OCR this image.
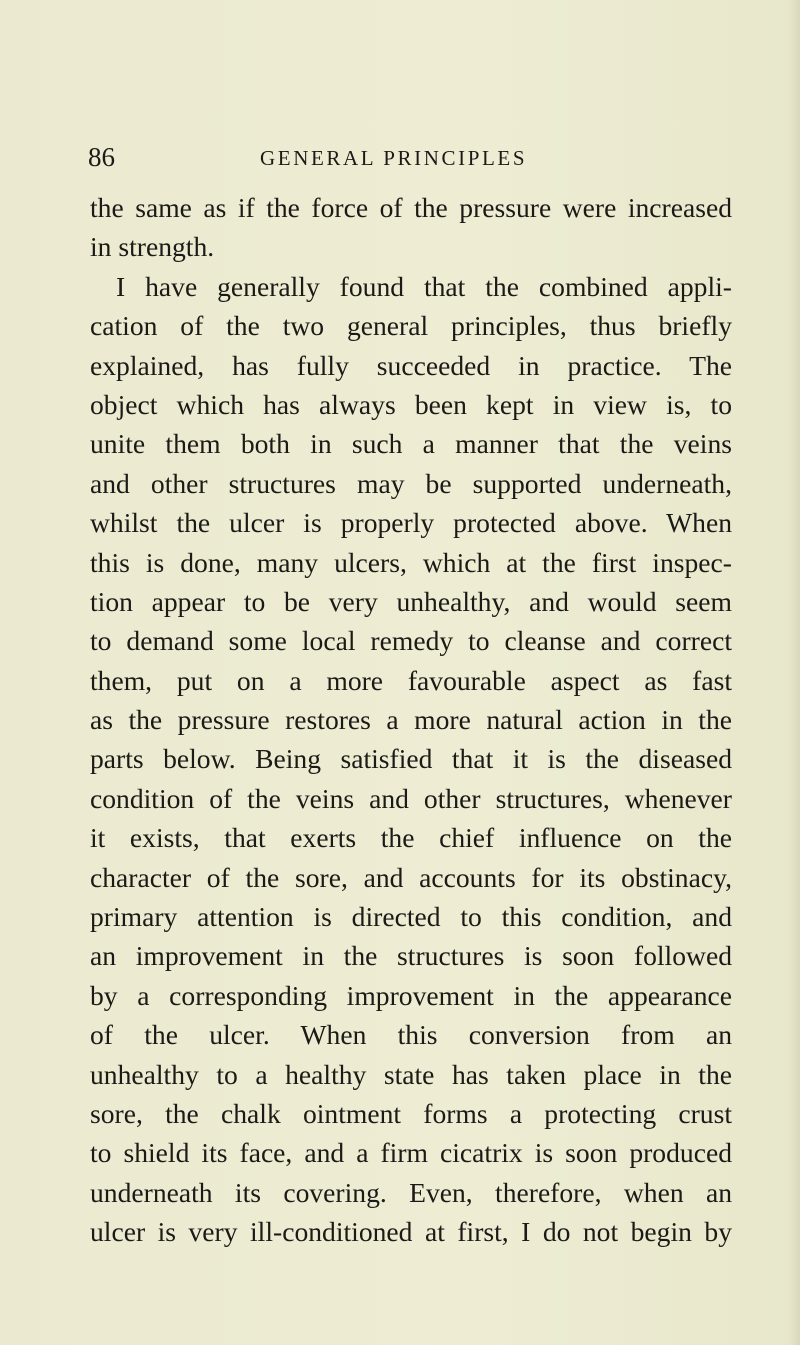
86	GENERAL PRINCIPLES
the same as if the force of the pressure were increased
in strength.
I have generally found that the combined appli-
cation of the two general principles, thus briefly
explained, has fully succeeded in practice. The
object which has always been kept in view is, to
unite them both in such a manner that the veins
and other structures may be supported underneath,
whilst the ulcer is properly protected above. When
this is done, many ulcers, which at the first inspec-
tion appear to be very unhealthy, and would seem
to demand some local remedy to cleanse and correct
them, put on a more favourable aspect as fast
as the pressure restores a more natural action in the
parts below. Being satisfied that it is the diseased
condition of the veins and other structures, whenever
it exists, that exerts the chief influence on the
character of the sore, and accounts for its obstinacy,
primary attention is directed to this condition, and
an improvement in the structures is soon followed
by a corresponding improvement in the appearance
of the ulcer. When this conversion from an
unhealthy to a healthy state has taken place in the
sore, the chalk ointment forms a protecting crust
to shield its face, and a firm cicatrix is soon produced
underneath its covering. Even, therefore, when an
ulcer is very ill-conditioned at first, I do not begin by
